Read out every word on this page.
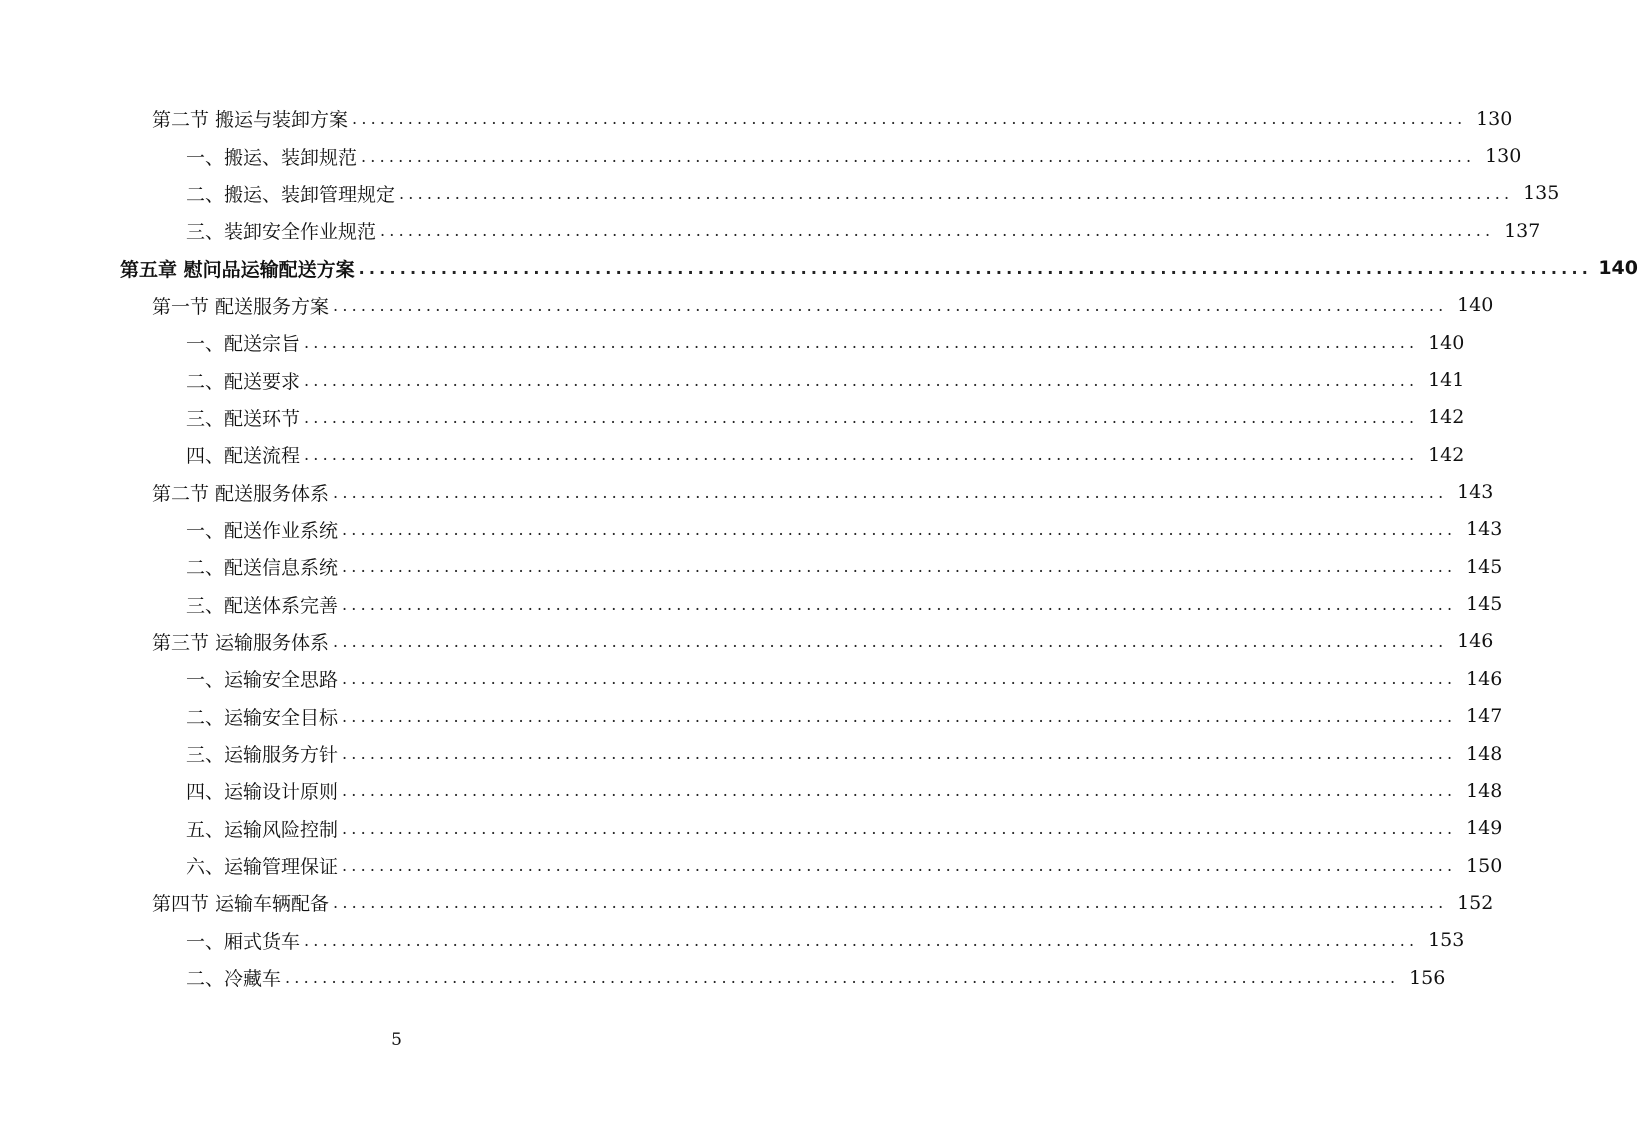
第二节 搬运与装卸方案 ........................................................................................................................ 130
一、搬运、装卸规范 ........................................................................................................................ 130
二、搬运、装卸管理规定 ........................................................................................................................ 135
三、装卸安全作业规范 ........................................................................................................................ 137
第五章 慰问品运输配送方案 ........................................................................................................................ 140
第一节 配送服务方案 ........................................................................................................................ 140
一、配送宗旨 ........................................................................................................................ 140
二、配送要求 ........................................................................................................................ 141
三、配送环节 ........................................................................................................................ 142
四、配送流程 ........................................................................................................................ 142
第二节 配送服务体系 ........................................................................................................................ 143
一、配送作业系统 ........................................................................................................................ 143
二、配送信息系统 ........................................................................................................................ 145
三、配送体系完善 ........................................................................................................................ 145
第三节 运输服务体系 ........................................................................................................................ 146
一、运输安全思路 ........................................................................................................................ 146
二、运输安全目标 ........................................................................................................................ 147
三、运输服务方针 ........................................................................................................................ 148
四、运输设计原则 ........................................................................................................................ 148
五、运输风险控制 ........................................................................................................................ 149
六、运输管理保证 ........................................................................................................................ 150
第四节 运输车辆配备 ........................................................................................................................ 152
一、厢式货车 ........................................................................................................................ 153
二、冷藏车 ........................................................................................................................ 156
5
